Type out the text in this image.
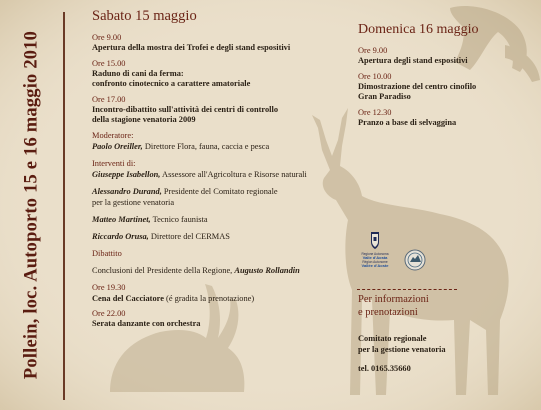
Pollein, loc. Autoporto 15 e 16 maggio 2010
Sabato 15 maggio
Ore 9.00
Apertura della mostra dei Trofei e degli stand espositivi
Ore 15.00
Raduno di cani da ferma:
confronto cinotecnico a carattere amatoriale
Ore 17.00
Incontro-dibattito sull'attività dei centri di controllo
della stagione venatoria 2009
Moderatore:
Paolo Oreiller, Direttore Flora, fauna, caccia e pesca
Interventi di:
Giuseppe Isabellon, Assessore all'Agricoltura e Risorse naturali
Alessandro Durand, Presidente del Comitato regionale
per la gestione venatoria
Matteo Martinet, Tecnico faunista
Riccardo Orusa, Direttore del CERMAS
Dibattito
Conclusioni del Presidente della Regione, Augusto Rollandin
Ore 19.30
Cena del Cacciatore (é gradita la prenotazione)
Ore 22.00
Serata danzante con orchestra
Domenica 16 maggio
Ore 9.00
Apertura degli stand espositivi
Ore 10.00
Dimostrazione del centro cinofilo
Gran Paradiso
Ore 12.30
Pranzo a base di selvaggina
Regione Autonoma
Valle d'Aosta
Région Autonome
Vallée d'Aoste
Per informazioni
e prenotazioni
Comitato regionale
per la gestione venatoria
tel. 0165.35660
